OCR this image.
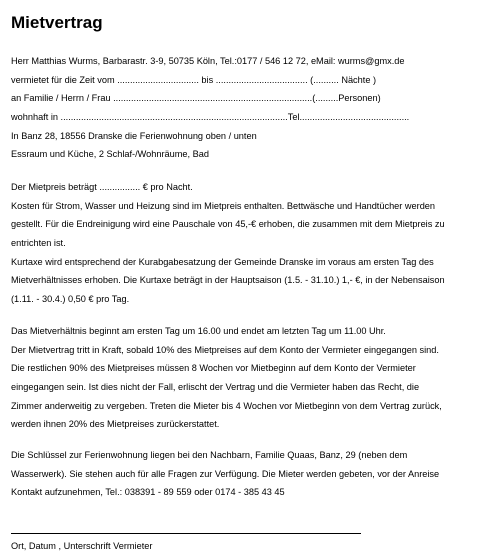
Mietvertrag
Herr Matthias Wurms, Barbarastr. 3-9, 50735 Köln, Tel.:0177 / 546 12 72, eMail: wurms@gmx.de
vermietet für die Zeit vom ................................ bis .................................... (.......... Nächte )
an Familie / Herrn / Frau ..............................................................................(.........Personen)
wohnhaft in .........................................................................................Tel...........................................
In Banz 28, 18556 Dranske die Ferienwohnung oben / unten
Essraum und Küche, 2 Schlaf-/Wohnräume, Bad
Der Mietpreis beträgt ................ € pro Nacht.
Kosten für Strom, Wasser und Heizung sind im Mietpreis enthalten. Bettwäsche und Handtücher werden
gestellt. Für die Endreinigung wird eine Pauschale von 45,-€ erhoben, die zusammen mit dem Mietpreis zu
entrichten ist.
Kurtaxe wird entsprechend der Kurabgabesatzung der Gemeinde Dranske im voraus am ersten Tag des
Mietverhältnisses erhoben. Die Kurtaxe beträgt in der Hauptsaison (1.5. - 31.10.) 1,- €, in der Nebensaison
(1.11. - 30.4.) 0,50 € pro Tag.
Das Mietverhältnis beginnt am ersten Tag um 16.00 und endet am letzten Tag um 11.00 Uhr.
Der Mietvertrag tritt in Kraft, sobald 10% des Mietpreises auf dem Konto der Vermieter eingegangen sind.
Die restlichen 90% des Mietpreises müssen 8 Wochen vor Mietbeginn auf dem Konto der Vermieter
eingegangen sein. Ist dies nicht der Fall, erlischt der Vertrag und die Vermieter haben das Recht, die
Zimmer anderweitig zu vergeben. Treten die Mieter bis 4 Wochen vor Mietbeginn von dem Vertrag zurück,
werden ihnen 20% des Mietpreises zurückerstattet.
Die Schlüssel zur Ferienwohnung liegen bei den Nachbarn, Familie Quaas, Banz, 29 (neben dem
Wasserwerk). Sie stehen auch für alle Fragen zur Verfügung. Die Mieter werden gebeten, vor der Anreise
Kontakt aufzunehmen, Tel.: 038391 - 89 559 oder 0174 - 385 43 45
Ort, Datum , Unterschrift Vermieter
